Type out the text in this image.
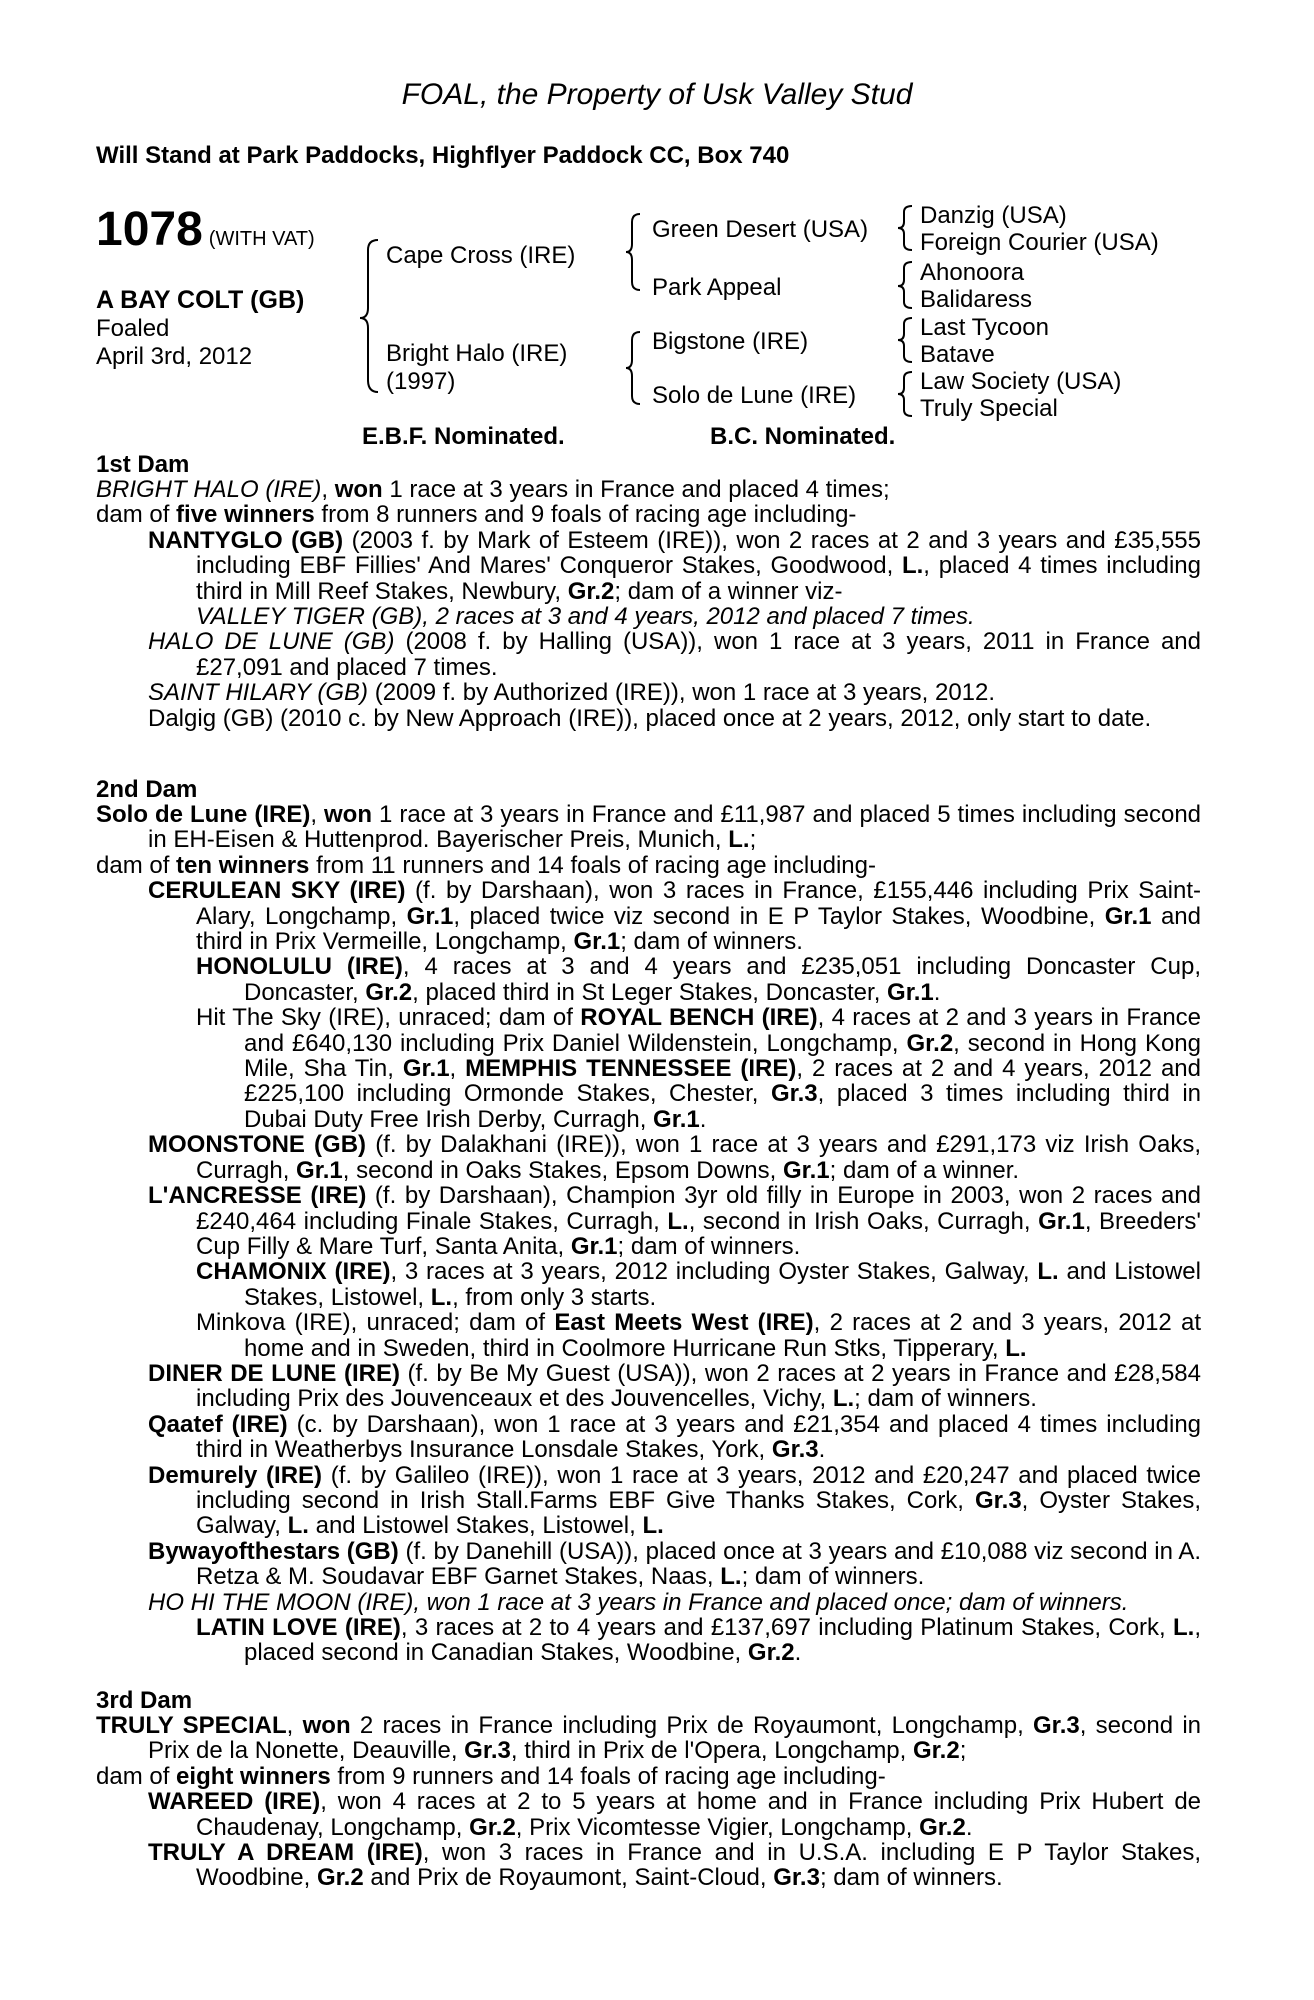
FOAL, the Property of Usk Valley Stud
Will Stand at Park Paddocks, Highflyer Paddock CC, Box 740
1078 (WITH VAT)
A BAY COLT (GB)
Foaled
April 3rd, 2012
Cape Cross (IRE)
Bright Halo (IRE)
(1997)
Green Desert (USA)
Park Appeal
Bigstone (IRE)
Solo de Lune (IRE)
Danzig (USA)
Foreign Courier (USA)
Ahonoora
Balidaress
Last Tycoon
Batave
Law Society (USA)
Truly Special
E.B.F. Nominated.	B.C. Nominated.
1st Dam
BRIGHT HALO (IRE), won 1 race at 3 years in France and placed 4 times;
dam of five winners from 8 runners and 9 foals of racing age including-
NANTYGLO (GB) (2003 f. by Mark of Esteem (IRE)), won 2 races at 2 and 3 years and £35,555 including EBF Fillies' And Mares' Conqueror Stakes, Goodwood, L., placed 4 times including third in Mill Reef Stakes, Newbury, Gr.2; dam of a winner viz-
VALLEY TIGER (GB), 2 races at 3 and 4 years, 2012 and placed 7 times.
HALO DE LUNE (GB) (2008 f. by Halling (USA)), won 1 race at 3 years, 2011 in France and £27,091 and placed 7 times.
SAINT HILARY (GB) (2009 f. by Authorized (IRE)), won 1 race at 3 years, 2012.
Dalgig (GB) (2010 c. by New Approach (IRE)), placed once at 2 years, 2012, only start to date.
2nd Dam
Solo de Lune (IRE), won 1 race at 3 years in France and £11,987 and placed 5 times including second in EH-Eisen & Huttenprod. Bayerischer Preis, Munich, L.;
dam of ten winners from 11 runners and 14 foals of racing age including-
CERULEAN SKY (IRE) (f. by Darshaan), won 3 races in France, £155,446 including Prix Saint-Alary, Longchamp, Gr.1, placed twice viz second in E P Taylor Stakes, Woodbine, Gr.1 and third in Prix Vermeille, Longchamp, Gr.1; dam of winners.
HONOLULU (IRE), 4 races at 3 and 4 years and £235,051 including Doncaster Cup, Doncaster, Gr.2, placed third in St Leger Stakes, Doncaster, Gr.1.
Hit The Sky (IRE), unraced; dam of ROYAL BENCH (IRE), 4 races at 2 and 3 years in France and £640,130 including Prix Daniel Wildenstein, Longchamp, Gr.2, second in Hong Kong Mile, Sha Tin, Gr.1, MEMPHIS TENNESSEE (IRE), 2 races at 2 and 4 years, 2012 and £225,100 including Ormonde Stakes, Chester, Gr.3, placed 3 times including third in Dubai Duty Free Irish Derby, Curragh, Gr.1.
MOONSTONE (GB) (f. by Dalakhani (IRE)), won 1 race at 3 years and £291,173 viz Irish Oaks, Curragh, Gr.1, second in Oaks Stakes, Epsom Downs, Gr.1; dam of a winner.
L'ANCRESSE (IRE) (f. by Darshaan), Champion 3yr old filly in Europe in 2003, won 2 races and £240,464 including Finale Stakes, Curragh, L., second in Irish Oaks, Curragh, Gr.1, Breeders' Cup Filly & Mare Turf, Santa Anita, Gr.1; dam of winners.
CHAMONIX (IRE), 3 races at 3 years, 2012 including Oyster Stakes, Galway, L. and Listowel Stakes, Listowel, L., from only 3 starts.
Minkova (IRE), unraced; dam of East Meets West (IRE), 2 races at 2 and 3 years, 2012 at home and in Sweden, third in Coolmore Hurricane Run Stks, Tipperary, L.
DINER DE LUNE (IRE) (f. by Be My Guest (USA)), won 2 races at 2 years in France and £28,584 including Prix des Jouvenceaux et des Jouvencelles, Vichy, L.; dam of winners.
Qaatef (IRE) (c. by Darshaan), won 1 race at 3 years and £21,354 and placed 4 times including third in Weatherbys Insurance Lonsdale Stakes, York, Gr.3.
Demurely (IRE) (f. by Galileo (IRE)), won 1 race at 3 years, 2012 and £20,247 and placed twice including second in Irish Stall.Farms EBF Give Thanks Stakes, Cork, Gr.3, Oyster Stakes, Galway, L. and Listowel Stakes, Listowel, L.
Bywayofthestars (GB) (f. by Danehill (USA)), placed once at 3 years and £10,088 viz second in A. Retza & M. Soudavar EBF Garnet Stakes, Naas, L.; dam of winners.
HO HI THE MOON (IRE), won 1 race at 3 years in France and placed once; dam of winners.
LATIN LOVE (IRE), 3 races at 2 to 4 years and £137,697 including Platinum Stakes, Cork, L., placed second in Canadian Stakes, Woodbine, Gr.2.
3rd Dam
TRULY SPECIAL, won 2 races in France including Prix de Royaumont, Longchamp, Gr.3, second in Prix de la Nonette, Deauville, Gr.3, third in Prix de l'Opera, Longchamp, Gr.2;
dam of eight winners from 9 runners and 14 foals of racing age including-
WAREED (IRE), won 4 races at 2 to 5 years at home and in France including Prix Hubert de Chaudenay, Longchamp, Gr.2, Prix Vicomtesse Vigier, Longchamp, Gr.2.
TRULY A DREAM (IRE), won 3 races in France and in U.S.A. including E P Taylor Stakes, Woodbine, Gr.2 and Prix de Royaumont, Saint-Cloud, Gr.3; dam of winners.
